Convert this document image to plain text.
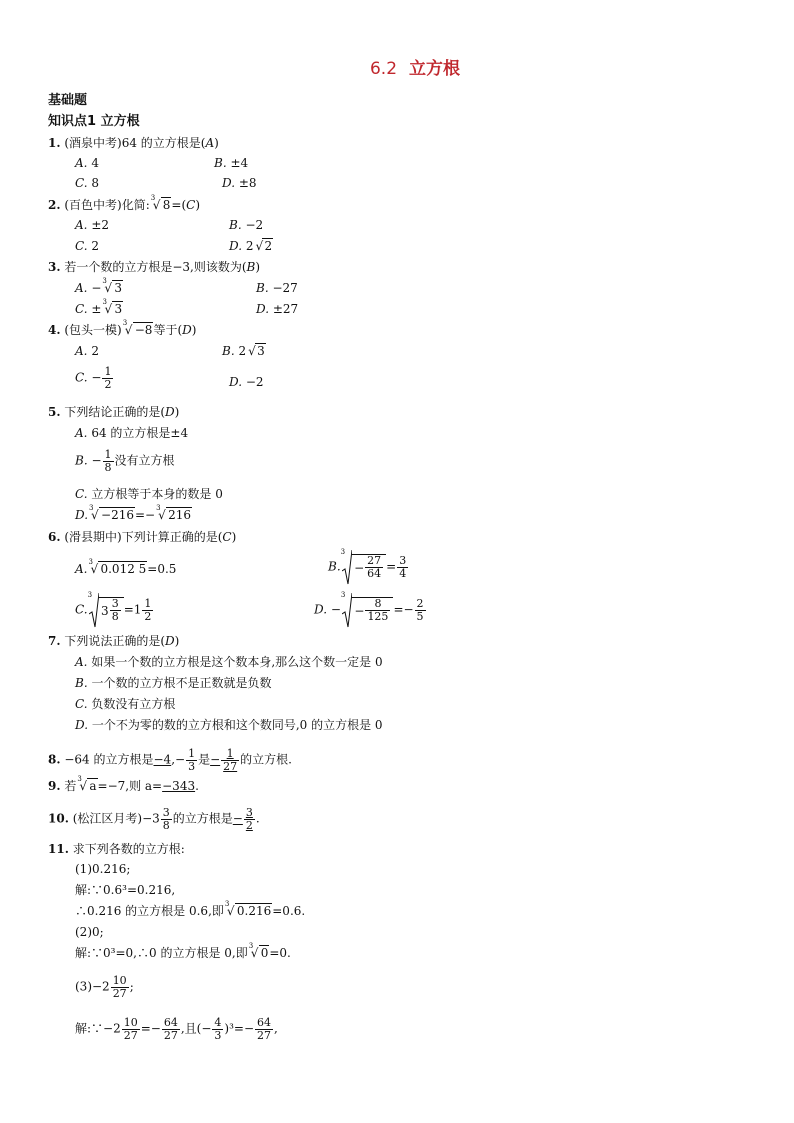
6.2 立方根
基础题
知识点1 立方根
1. (酒泉中考)64 的立方根是(A)
A. 4	B. ±4
C. 8	D. ±8
2. (百色中考)化简: 3
√ 8=(C)
A. ±2	B. −2
C. 2	D. 2 √ 2
3. 若一个数的立方根是−3,则该数为(B)
A. − 3
√ 3	B. −27
C. ± 3
√ 3	D. ±27
4. (包头一模) 3
√ −8等于(D)
A. 2	B. 2 √ 3
C. − $\frac{1}{2}$	D. −2
5. 下列结论正确的是(D)
A. 64 的立方根是±4
B. − $\frac{1}{8}$ 没有立方根
C. 立方根等于本身的数是 0
D. 3
√ −216=− 3
√ 216
6. (滑县期中)下列计算正确的是(C)
A. 3
√ 0.012 5=0.5	B.
3
− $\frac{27}{64} = \frac{3}{4}$
C.
3
$3 \frac{3}{8} =1 \frac{1}{2}$	D. −
3
− $\frac{8}{125} =- \frac{2}{5}$
7. 下列说法正确的是(D)
A. 如果一个数的立方根是这个数本身,那么这个数一定是 0
B. 一个数的立方根不是正数就是负数
C. 负数没有立方根
D. 一个不为零的数的立方根和这个数同号,0 的立方根是 0
8. −64 的立方根是$-4,- \frac{1}{3}$ 是− $\frac{1}{27}$ 的立方根.
9. 若 3
√ a=−7,则 a=−343.
10. (松江区月考)$-3 \frac{3}{8}$ 的立方根是− $\frac{3}{2}$ .
11. 求下列各数的立方根:
(1)0.216;
解:∵0.6³=0.216,
∴0.216 的立方根是 0.6,即 3
√ 0.216=0.6.
(2)0;
解:∵0³=0,∴0 的立方根是 0,即 3
√ 0=0.
$(3)-2 \frac{10}{27}$ ;
解:∵−2 $\frac{10}{27} =- \frac{64}{27}$ ,且(− $\frac{4}{3} )^3=- \frac{64}{27}$ ,
